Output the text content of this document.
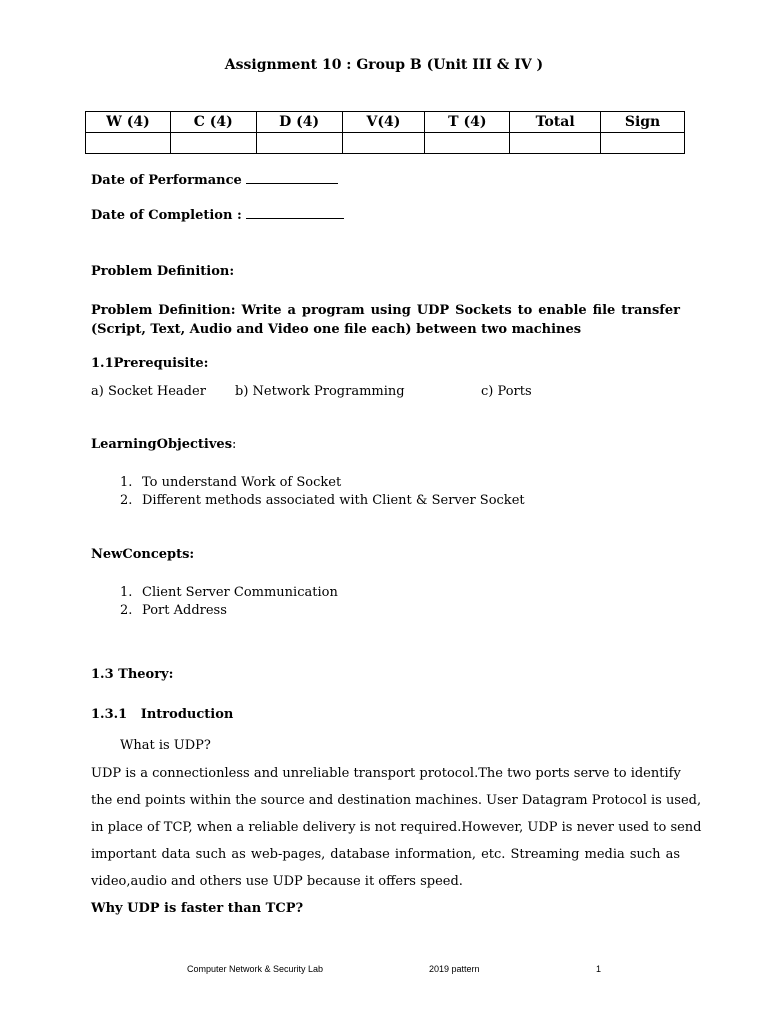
Assignment 10 : Group B (Unit III & IV )
W (4)	C (4)	D (4)	V(4)	T (4)	Total	Sign

Date of Performance
Date of Completion :
Problem Definition:
Problem Definition: Write a program using UDP Sockets to enable file transfer
(Script, Text, Audio and Video one file each) between two machines
1.1Prerequisite:
a) Socket Header b) Network Programming	c) Ports
LearningObjectives:
1. To understand Work of Socket
2. Different methods associated with Client & Server Socket
NewConcepts:
1. Client Server Communication
2. Port Address
1.3 Theory:
1.3.1   Introduction
What is UDP?
UDP is a connectionless and unreliable transport protocol.The two ports serve to identify
the end points within the source and destination machines. User Datagram Protocol is used,
in place of TCP, when a reliable delivery is not required.However, UDP is never used to send
important data such as web-pages, database information, etc. Streaming media such as
video,audio and others use UDP because it offers speed.
Why UDP is faster than TCP?
Computer Network & Security Lab	2019 pattern	1
